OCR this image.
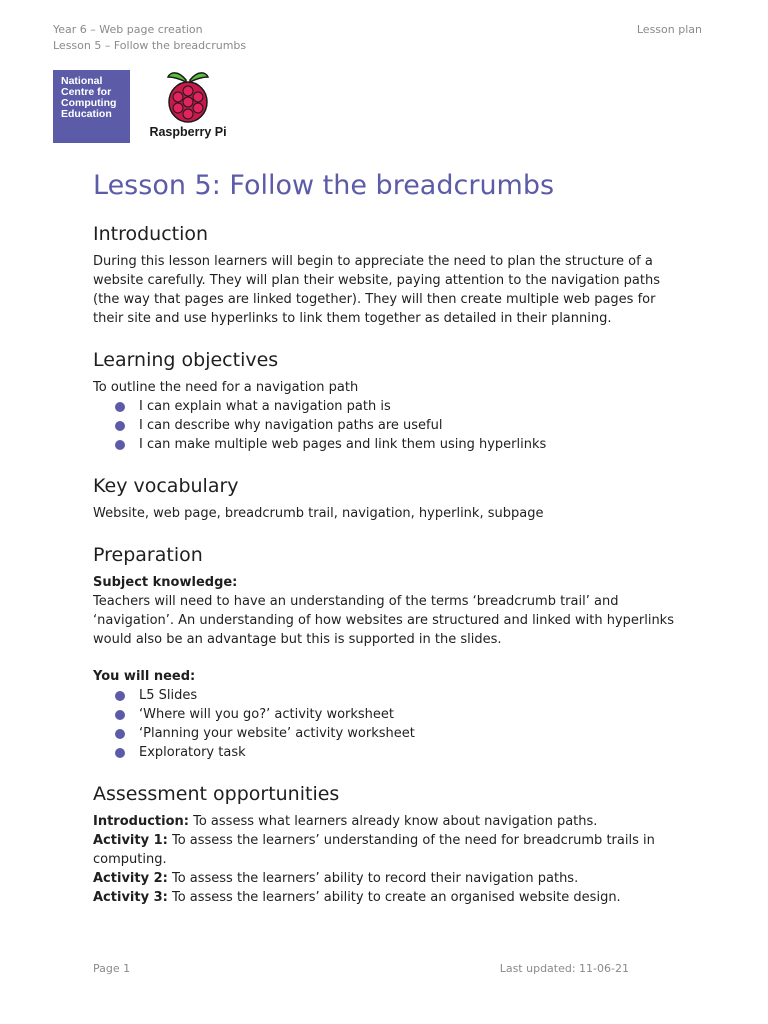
Year 6 – Web page creation
Lesson 5 – Follow the breadcrumbs
Lesson plan
National
Centre for
Computing
Education
Raspberry Pi
Lesson 5: Follow the breadcrumbs
Introduction

During this lesson learners will begin to appreciate the need to plan the structure of a website carefully. They will plan their website, paying attention to the navigation paths (the way that pages are linked together). They will then create multiple web pages for their site and use hyperlinks to link them together as detailed in their planning.

Learning objectives

To outline the need for a navigation path

I can explain what a navigation path is
I can describe why navigation paths are useful
I can make multiple web pages and link them using hyperlinks
Key vocabulary

Website, web page, breadcrumb trail, navigation, hyperlink, subpage

Preparation

Subject knowledge:

Teachers will need to have an understanding of the terms ‘breadcrumb trail’ and ‘navigation’. An understanding of how websites are structured and linked with hyperlinks would also be an advantage but this is supported in the slides.

You will need:

L5 Slides
‘Where will you go?’ activity worksheet
‘Planning your website’ activity worksheet
Exploratory task
Assessment opportunities

Introduction: To assess what learners already know about navigation paths.

Activity 1: To assess the learners’ understanding of the need for breadcrumb trails in computing.

Activity 2: To assess the learners’ ability to record their navigation paths.

Activity 3: To assess the learners’ ability to create an organised website design.

Page 1	Last updated: 11-06-21
